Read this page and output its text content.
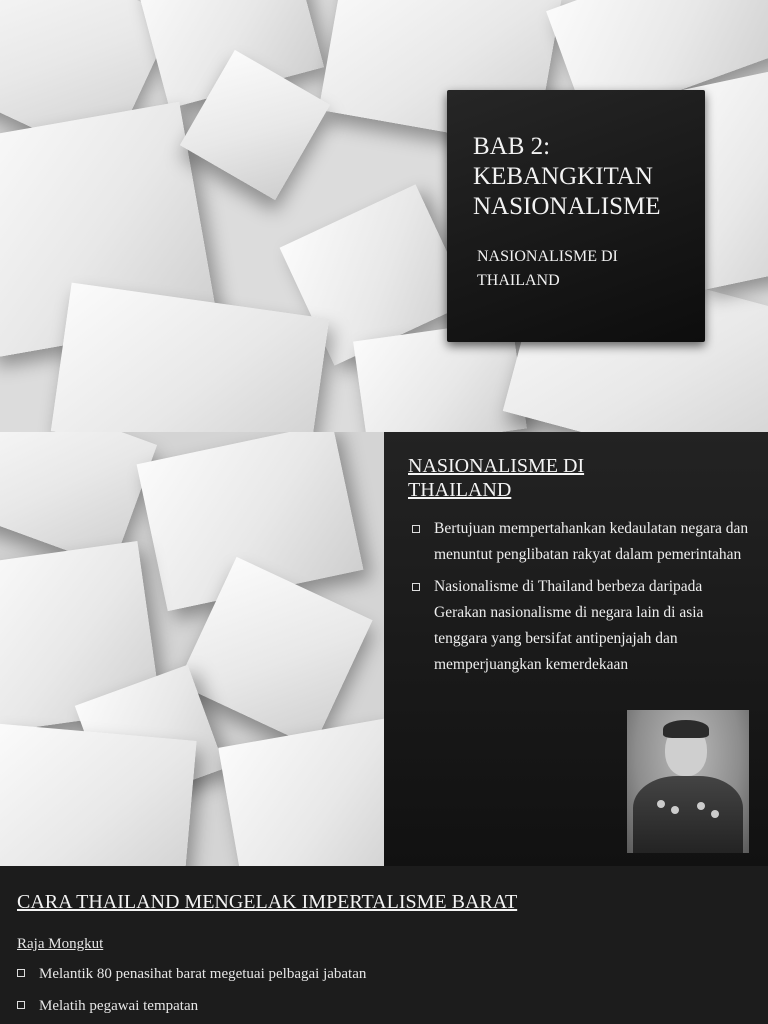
BAB 2:
KEBANGKITAN
NASIONALISME
NASIONALISME DI
THAILAND
NASIONALISME DI
THAILAND
Bertujuan mempertahankan kedaulatan negara dan menuntut penglibatan rakyat dalam pemerintahan
Nasionalisme di Thailand berbeza daripada Gerakan nasionalisme di negara lain di asia tenggara yang bersifat antipenjajah dan memperjuangkan kemerdekaan
CARA THAILAND MENGELAK IMPERTALISME BARAT
Raja Mongkut
Melantik 80 penasihat barat megetuai pelbagai jabatan
Melatih pegawai tempatan
